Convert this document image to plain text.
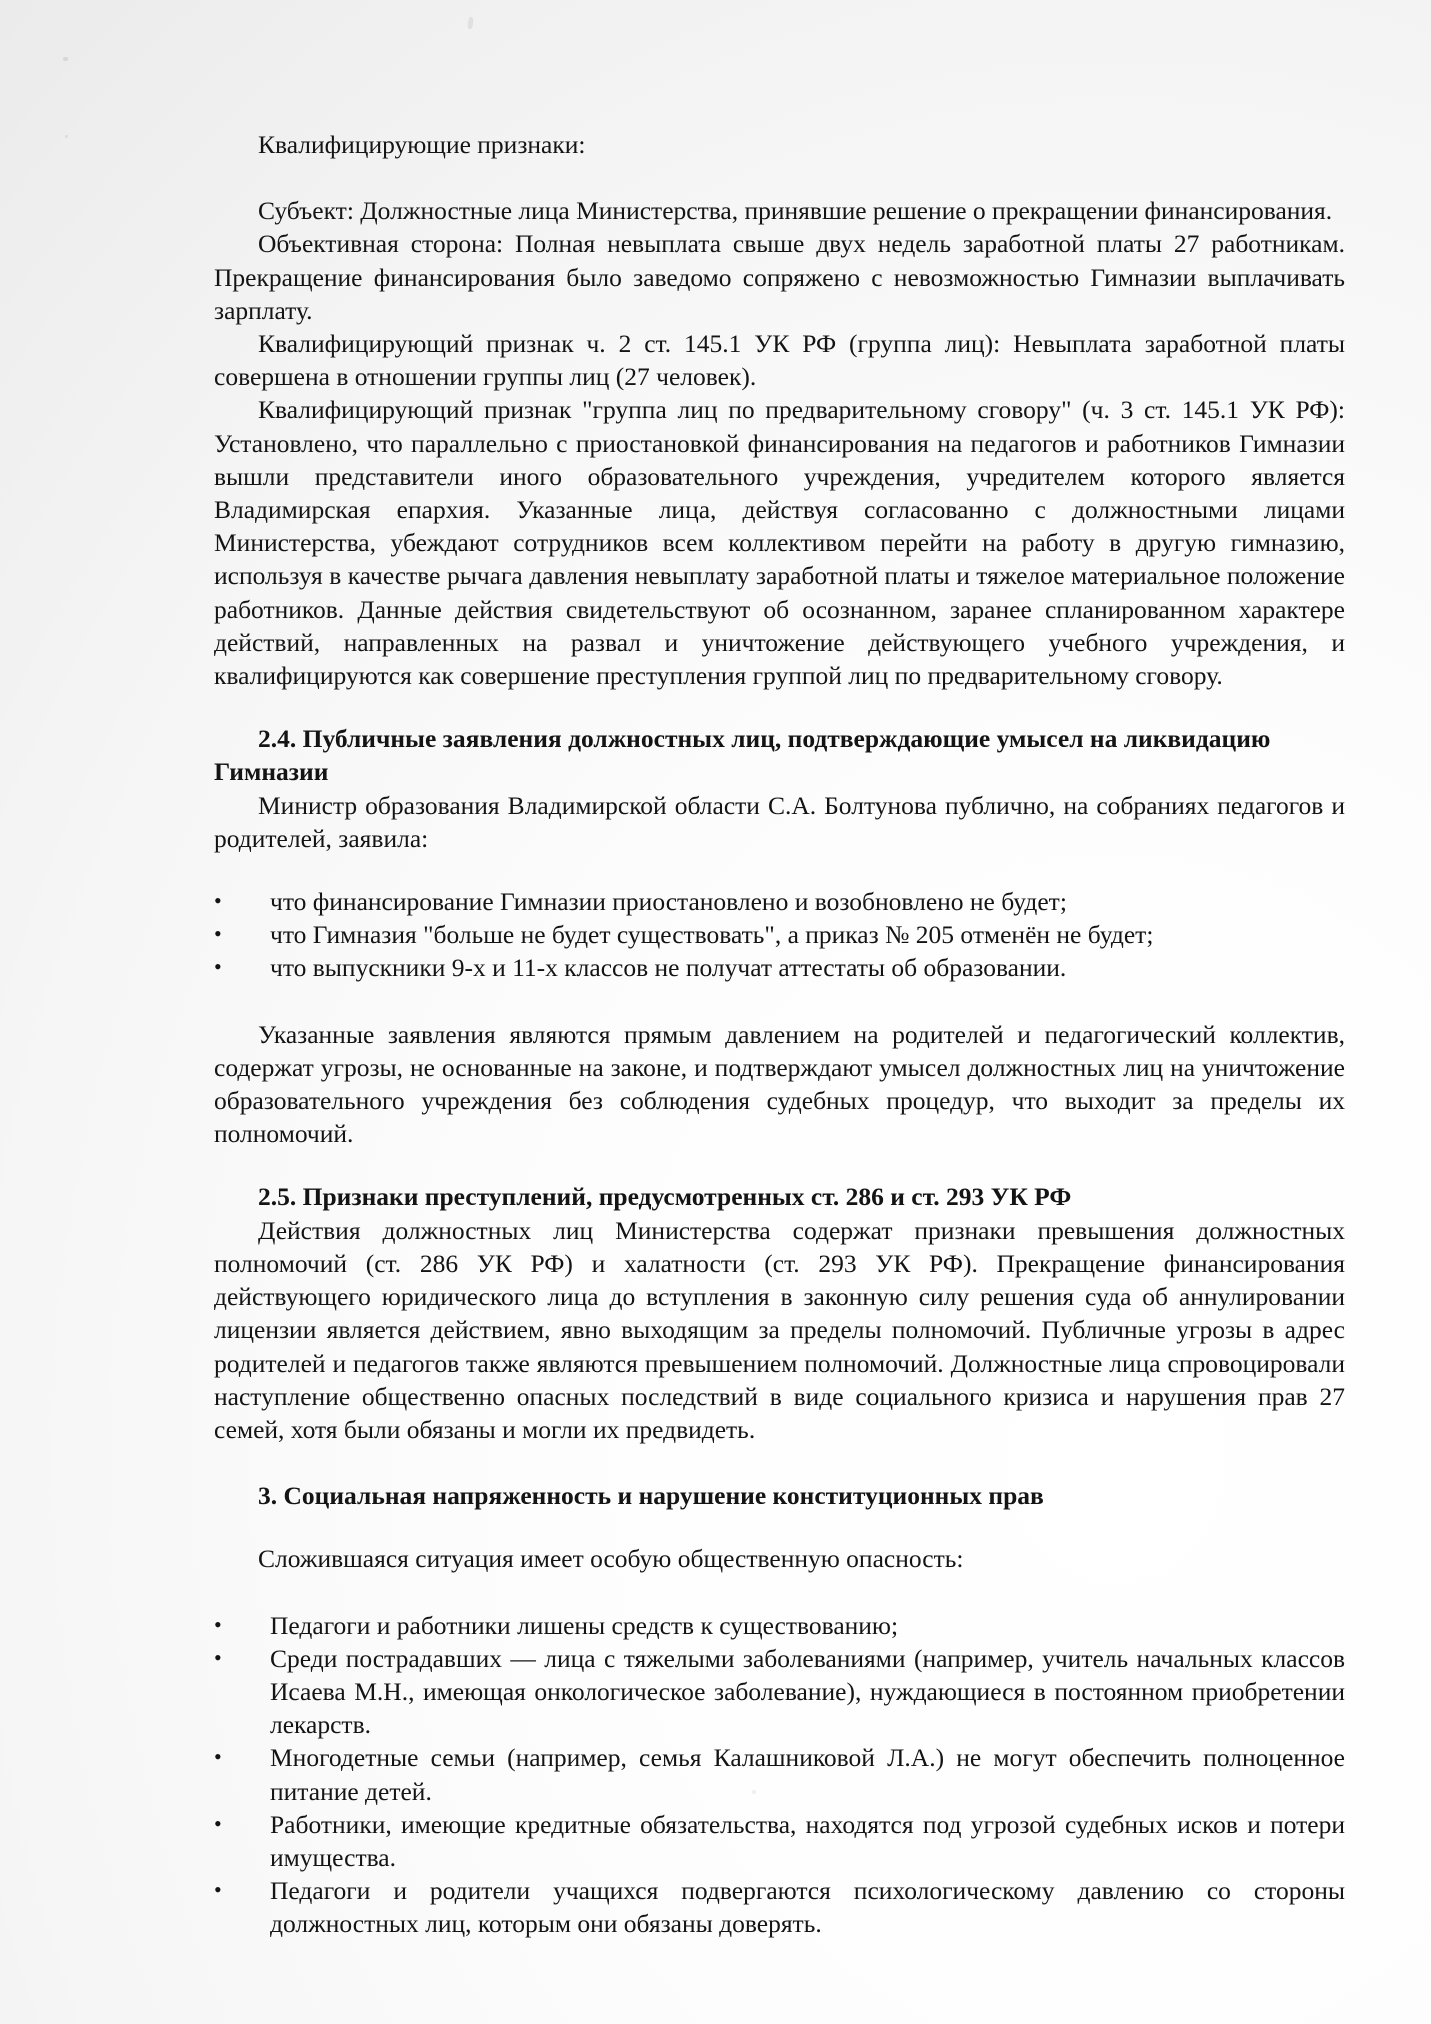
Квалифицирующие признаки:

Субъект: Должностные лица Министерства, принявшие решение о прекращении финансирования.

Объективная сторона: Полная невыплата свыше двух недель заработной платы 27 работникам. Прекращение финансирования было заведомо сопряжено с невозможностью Гимназии выплачивать зарплату.

Квалифицирующий признак ч. 2 ст. 145.1 УК РФ (группа лиц): Невыплата заработной платы совершена в отношении группы лиц (27 человек).

Квалифицирующий признак "группа лиц по предварительному сговору" (ч. 3 ст. 145.1 УК РФ): Установлено, что параллельно с приостановкой финансирования на педагогов и работников Гимназии вышли представители иного образовательного учреждения, учредителем которого является Владимирская епархия. Указанные лица, действуя согласованно с должностными лицами Министерства, убеждают сотрудников всем коллективом перейти на работу в другую гимназию, используя в качестве рычага давления невыплату заработной платы и тяжелое материальное положение работников. Данные действия свидетельствуют об осознанном, заранее спланированном характере действий, направленных на развал и уничтожение действующего учебного учреждения, и квалифицируются как совершение преступления группой лиц по предварительному сговору.

2.4. Публичные заявления должностных лиц, подтверждающие умысел на ликвидацию Гимназии

Министр образования Владимирской области С.А. Болтунова публично, на собраниях педагогов и родителей, заявила:

• что финансирование Гимназии приостановлено и возобновлено не будет;
• что Гимназия "больше не будет существовать", а приказ № 205 отменён не будет;
• что выпускники 9-х и 11-х классов не получат аттестаты об образовании.

Указанные заявления являются прямым давлением на родителей и педагогический коллектив, содержат угрозы, не основанные на законе, и подтверждают умысел должностных лиц на уничтожение образовательного учреждения без соблюдения судебных процедур, что выходит за пределы их полномочий.

2.5. Признаки преступлений, предусмотренных ст. 286 и ст. 293 УК РФ

Действия должностных лиц Министерства содержат признаки превышения должностных полномочий (ст. 286 УК РФ) и халатности (ст. 293 УК РФ). Прекращение финансирования действующего юридического лица до вступления в законную силу решения суда об аннулировании лицензии является действием, явно выходящим за пределы полномочий. Публичные угрозы в адрес родителей и педагогов также являются превышением полномочий. Должностные лица спровоцировали наступление общественно опасных последствий в виде социального кризиса и нарушения прав 27 семей, хотя были обязаны и могли их предвидеть.

3. Социальная напряженность и нарушение конституционных прав

Сложившаяся ситуация имеет особую общественную опасность:

• Педагоги и работники лишены средств к существованию;
• Среди пострадавших — лица с тяжелыми заболеваниями (например, учитель начальных классов Исаева М.Н., имеющая онкологическое заболевание), нуждающиеся в постоянном приобретении лекарств.
• Многодетные семьи (например, семья Калашниковой Л.А.) не могут обеспечить полноценное питание детей.
• Работники, имеющие кредитные обязательства, находятся под угрозой судебных исков и потери имущества.
• Педагоги и родители учащихся подвергаются психологическому давлению со стороны должностных лиц, которым они обязаны доверять.
